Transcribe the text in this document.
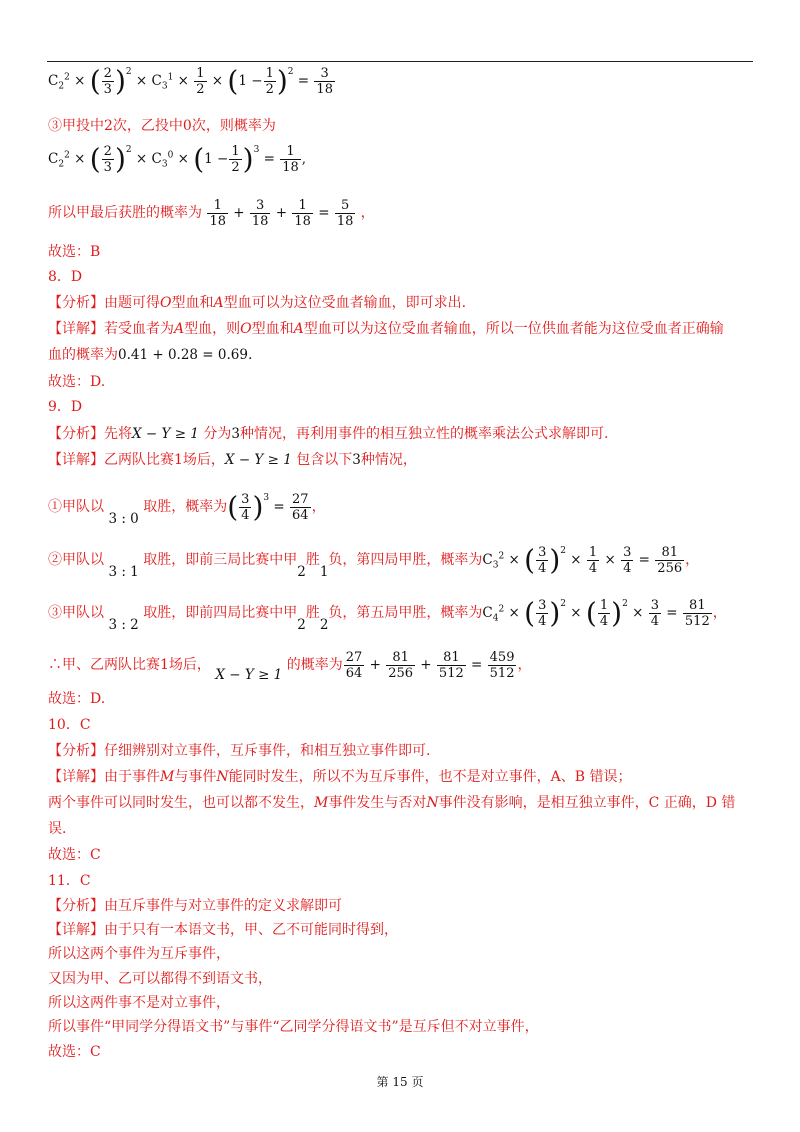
$C_2^2$ × ( $\frac{2}{3} )^2 \times C_3^1 \times \frac{1}{2} \times (1 - \frac{1}{2} )^2 = \frac{3}{18}$
③甲投中2次，乙投中0次，则概率为
$C_2^2$ × ( $\frac{2}{3} )^2 \times C_3^0 \times (1 - \frac{1}{2} )^3 = \frac{1}{18}$ ,
所以甲最后获胜的概率为 $\frac{1}{18} + \frac{3}{18} + \frac{1}{18} = \frac{5}{18}$ ，
故选：B
8．D
【分析】由题可得O型血和A型血可以为这位受血者输血，即可求出.
【详解】若受血者为A型血，则O型血和A型血可以为这位受血者输血，所以一位供血者能为这位受血者正确输
血的概率为0.41 + 0.28 = 0.69.
故选：D.
9．D
【分析】先将X − Y ≥ 1 分为3种情况，再利用事件的相互独立性的概率乘法公式求解即可.
【详解】乙两队比赛1场后，X − Y ≥ 1 包含以下3种情况，
①甲队以 3 : 0 取胜，概率为( $\frac{3}{4} )^3 = \frac{27}{64}$ ，
②甲队以 3 : 1 取胜，即前三局比赛中甲2胜1负，第四局甲胜，概率为$C_3^2$ × ( $\frac{3}{4} )^2 \times \frac{1}{4} \times \frac{3}{4} = \frac{81}{256}$ ，
③甲队以 3 : 2 取胜，即前四局比赛中甲2胜2负，第五局甲胜，概率为$C_4^2$ × ( $\frac{3}{4} )^2$ × ( $\frac{1}{4} )^2 \times \frac{3}{4} = \frac{81}{512}$ ，
∴甲、乙两队比赛1场后， X − Y ≥ 1 的概率为 $\frac{27}{64} + \frac{81}{256} + \frac{81}{512} = \frac{459}{512}$ ，
故选：D.
10．C
【分析】仔细辨别对立事件，互斥事件，和相互独立事件即可.
【详解】由于事件M与事件N能同时发生，所以不为互斥事件，也不是对立事件，A、B 错误；
两个事件可以同时发生，也可以都不发生，M事件发生与否对N事件没有影响，是相互独立事件，C 正确，D 错
误.
故选：C
11．C
【分析】由互斥事件与对立事件的定义求解即可
【详解】由于只有一本语文书，甲、乙不可能同时得到，
所以这两个事件为互斥事件，
又因为甲、乙可以都得不到语文书，
所以这两件事不是对立事件，
所以事件“甲同学分得语文书”与事件“乙同学分得语文书”是互斥但不对立事件，
故选：C
第 15 页
